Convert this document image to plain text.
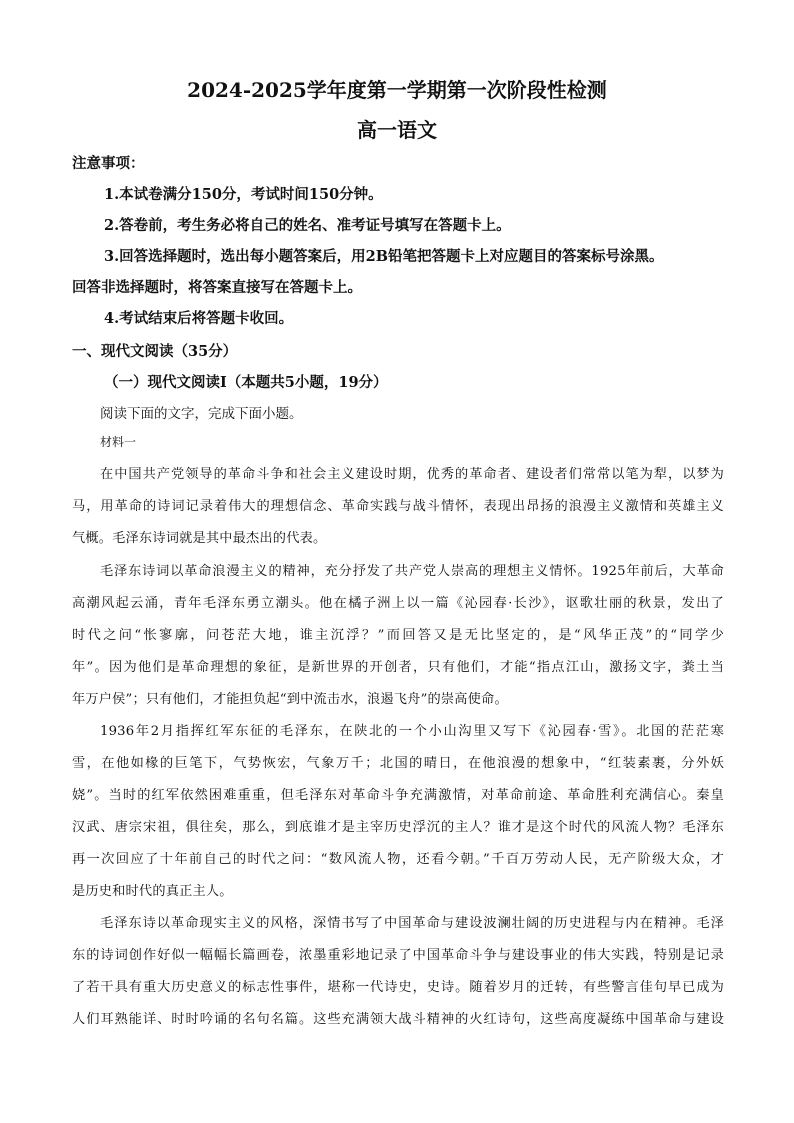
2024-2025学年度第一学期第一次阶段性检测
高一语文
注意事项：
1.本试卷满分150分，考试时间150分钟。
2.答卷前，考生务必将自己的姓名、准考证号填写在答题卡上。
3.回答选择题时，选出每小题答案后，用2B铅笔把答题卡上对应题目的答案标号涂黑。
回答非选择题时，将答案直接写在答题卡上。
4.考试结束后将答题卡收回。
一、现代文阅读（35分）
（一）现代文阅读Ⅰ（本题共5小题，19分）
阅读下面的文字，完成下面小题。
材料一
在中国共产党领导的革命斗争和社会主义建设时期，优秀的革命者、建设者们常常以笔为犁，以梦为
马，用革命的诗词记录着伟大的理想信念、革命实践与战斗情怀，表现出昂扬的浪漫主义激情和英雄主义
气概。毛泽东诗词就是其中最杰出的代表。
毛泽东诗词以革命浪漫主义的精神，充分抒发了共产党人崇高的理想主义情怀。1925年前后，大革命
高潮风起云涌，青年毛泽东勇立潮头。他在橘子洲上以一篇《沁园春·长沙》，讴歌壮丽的秋景，发出了
时代之问“怅寥廓，问苍茫大地，谁主沉浮？”而回答又是无比坚定的，是“风华正茂”的“同学少
年”。因为他们是革命理想的象征，是新世界的开创者，只有他们，才能“指点江山，激扬文字，粪土当
年万户侯”；只有他们，才能担负起“到中流击水，浪遏飞舟”的崇高使命。
1936年2月指挥红军东征的毛泽东，在陕北的一个小山沟里又写下《沁园春·雪》。北国的茫茫寒
雪，在他如椽的巨笔下，气势恢宏，气象万千；北国的晴日，在他浪漫的想象中，“红装素裹，分外妖
娆”。当时的红军依然困难重重，但毛泽东对革命斗争充满激情，对革命前途、革命胜利充满信心。秦皇
汉武、唐宗宋祖，俱往矣，那么，到底谁才是主宰历史浮沉的主人？谁才是这个时代的风流人物？毛泽东
再一次回应了十年前自己的时代之问：“数风流人物，还看今朝。”千百万劳动人民，无产阶级大众，才
是历史和时代的真正主人。
毛泽东诗以革命现实主义的风格，深情书写了中国革命与建设波澜壮阔的历史进程与内在精神。毛泽
东的诗词创作好似一幅幅长篇画卷，浓墨重彩地记录了中国革命斗争与建设事业的伟大实践，特别是记录
了若干具有重大历史意义的标志性事件，堪称一代诗史，史诗。随着岁月的迁转，有些警言佳句早已成为
人们耳熟能详、时时吟诵的名句名篇。这些充满领大战斗精神的火红诗句，这些高度凝练中国革命与建设
